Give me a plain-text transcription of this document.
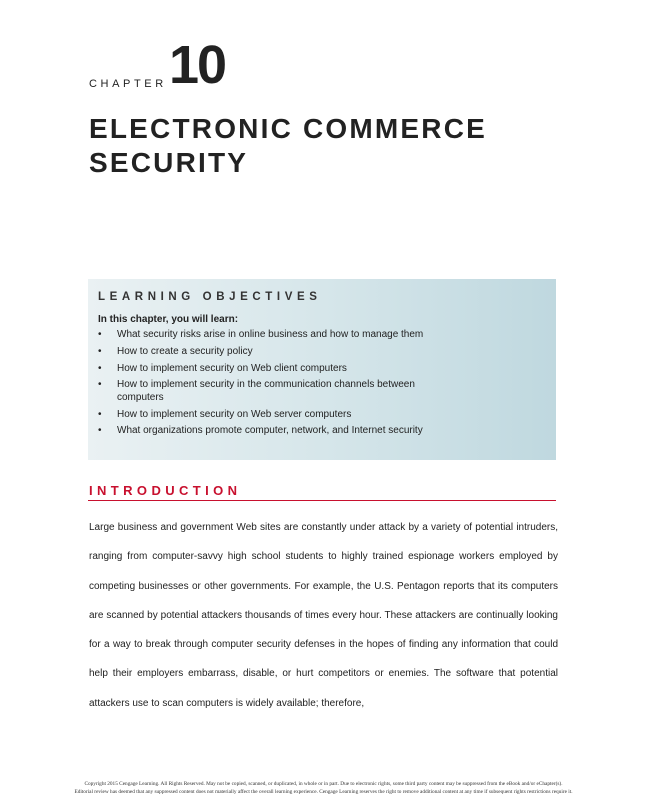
CHAPTER 10
ELECTRONIC COMMERCE SECURITY
LEARNING OBJECTIVES
In this chapter, you will learn:
• What security risks arise in online business and how to manage them
• How to create a security policy
• How to implement security on Web client computers
• How to implement security in the communication channels between computers
• How to implement security on Web server computers
• What organizations promote computer, network, and Internet security
INTRODUCTION

Large business and government Web sites are constantly under attack by a variety of potential intruders, ranging from computer-savvy high school students to highly trained espionage workers employed by competing businesses or other governments. For example, the U.S. Pentagon reports that its computers are scanned by potential attackers thousands of times every hour. These attackers are continually looking for a way to break through computer security defenses in the hopes of finding any information that could help their employers embarrass, disable, or hurt competitors or enemies. The software that potential attackers use to scan computers is widely available; therefore,

Copyright 2015 Cengage Learning. All Rights Reserved. May not be copied, scanned, or duplicated, in whole or in part. Due to electronic rights, some third party content may be suppressed from the eBook and/or eChapter(s).
Editorial review has deemed that any suppressed content does not materially affect the overall learning experience. Cengage Learning reserves the right to remove additional content at any time if subsequent rights restrictions require it.
